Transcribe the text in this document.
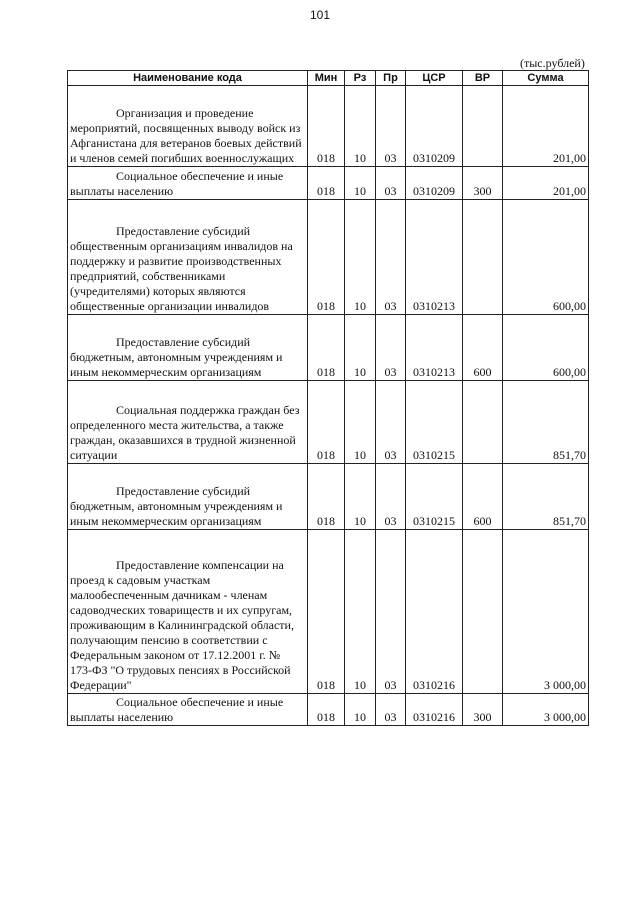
101
(тыс.рублей)
Наименование кода	Мин	Рз	Пр	ЦСР	ВР	Сумма
Организация и проведение мероприятий, посвященных выводу войск из Афганистана для ветеранов боевых действий и членов семей погибших военнослужащих	018	10	03	0310209		201,00
Социальное обеспечение и иные выплаты населению	018	10	03	0310209	300	201,00
Предоставление субсидий общественным организациям инвалидов на поддержку и развитие производственных предприятий, собственниками (учредителями) которых являются общественные организации инвалидов	018	10	03	0310213		600,00
Предоставление субсидий бюджетным, автономным учреждениям и иным некоммерческим организациям	018	10	03	0310213	600	600,00
Социальная поддержка граждан без определенного места жительства, а также граждан, оказавшихся в трудной жизненной ситуации	018	10	03	0310215		851,70
Предоставление субсидий бюджетным, автономным учреждениям и иным некоммерческим организациям	018	10	03	0310215	600	851,70
Предоставление компенсации на проезд к садовым участкам малообеспеченным дачникам - членам садоводческих товариществ и их супругам, проживающим в Калининградской области, получающим пенсию в соответствии с Федеральным законом от 17.12.2001 г. № 173-ФЗ "О трудовых пенсиях в Российской Федерации"	018	10	03	0310216		3 000,00
Социальное обеспечение и иные выплаты населению	018	10	03	0310216	300	3 000,00
